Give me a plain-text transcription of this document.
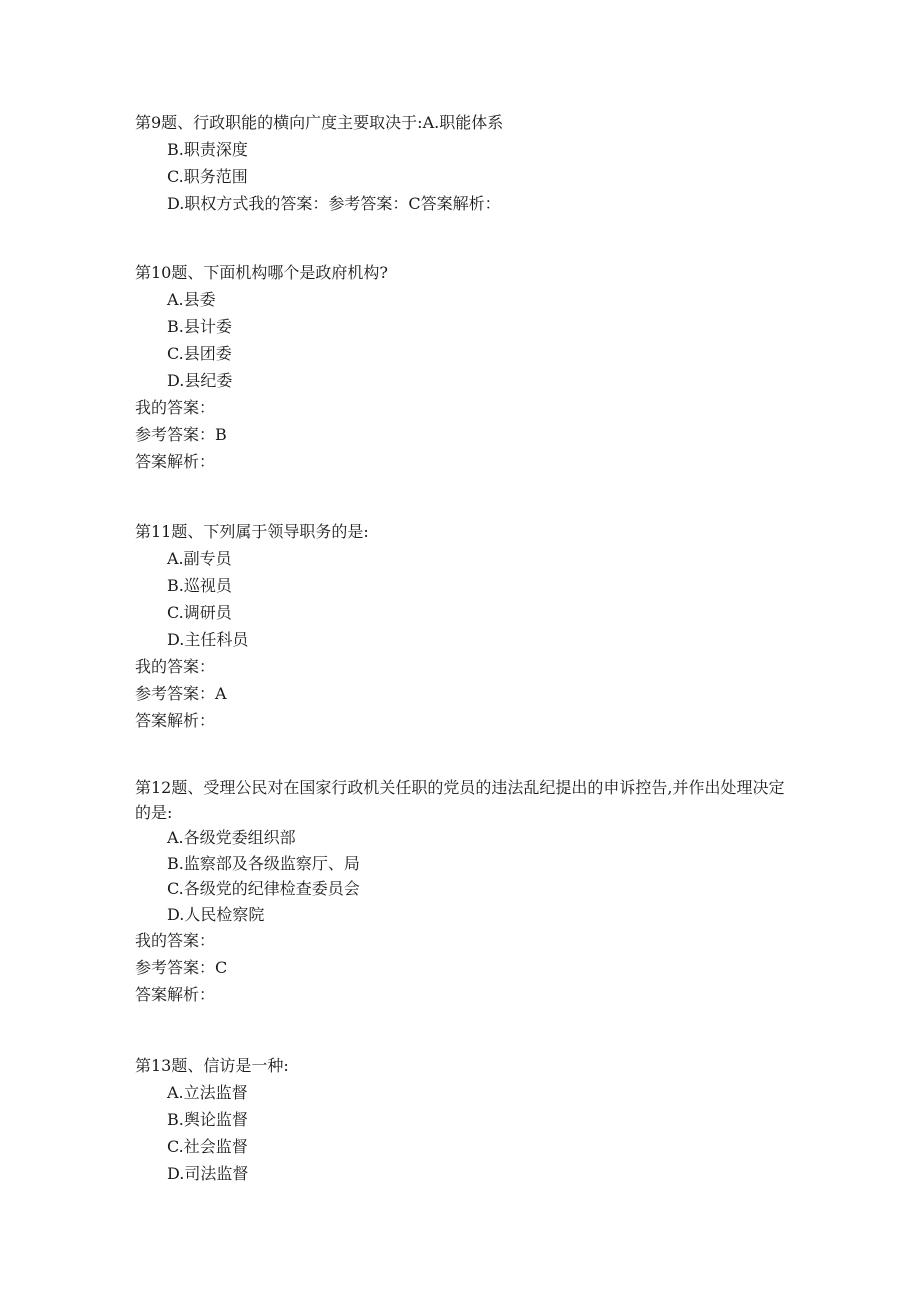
第9题、行政职能的横向广度主要取决于:A.职能体系
B.职责深度
C.职务范围
D.职权方式我的答案：参考答案：C答案解析：
第10题、下面机构哪个是政府机构?
A.县委
B.县计委
C.县团委
D.县纪委
我的答案：
参考答案：B
答案解析：
第11题、下列属于领导职务的是:
A.副专员
B.巡视员
C.调研员
D.主任科员
我的答案：
参考答案：A
答案解析：
第12题、受理公民对在国家行政机关任职的党员的违法乱纪提出的申诉控告,并作出处理决定的是:
A.各级党委组织部
B.监察部及各级监察厅、局
C.各级党的纪律检查委员会
D.人民检察院
我的答案：
参考答案：C
答案解析：
第13题、信访是一种:
A.立法监督
B.舆论监督
C.社会监督
D.司法监督
